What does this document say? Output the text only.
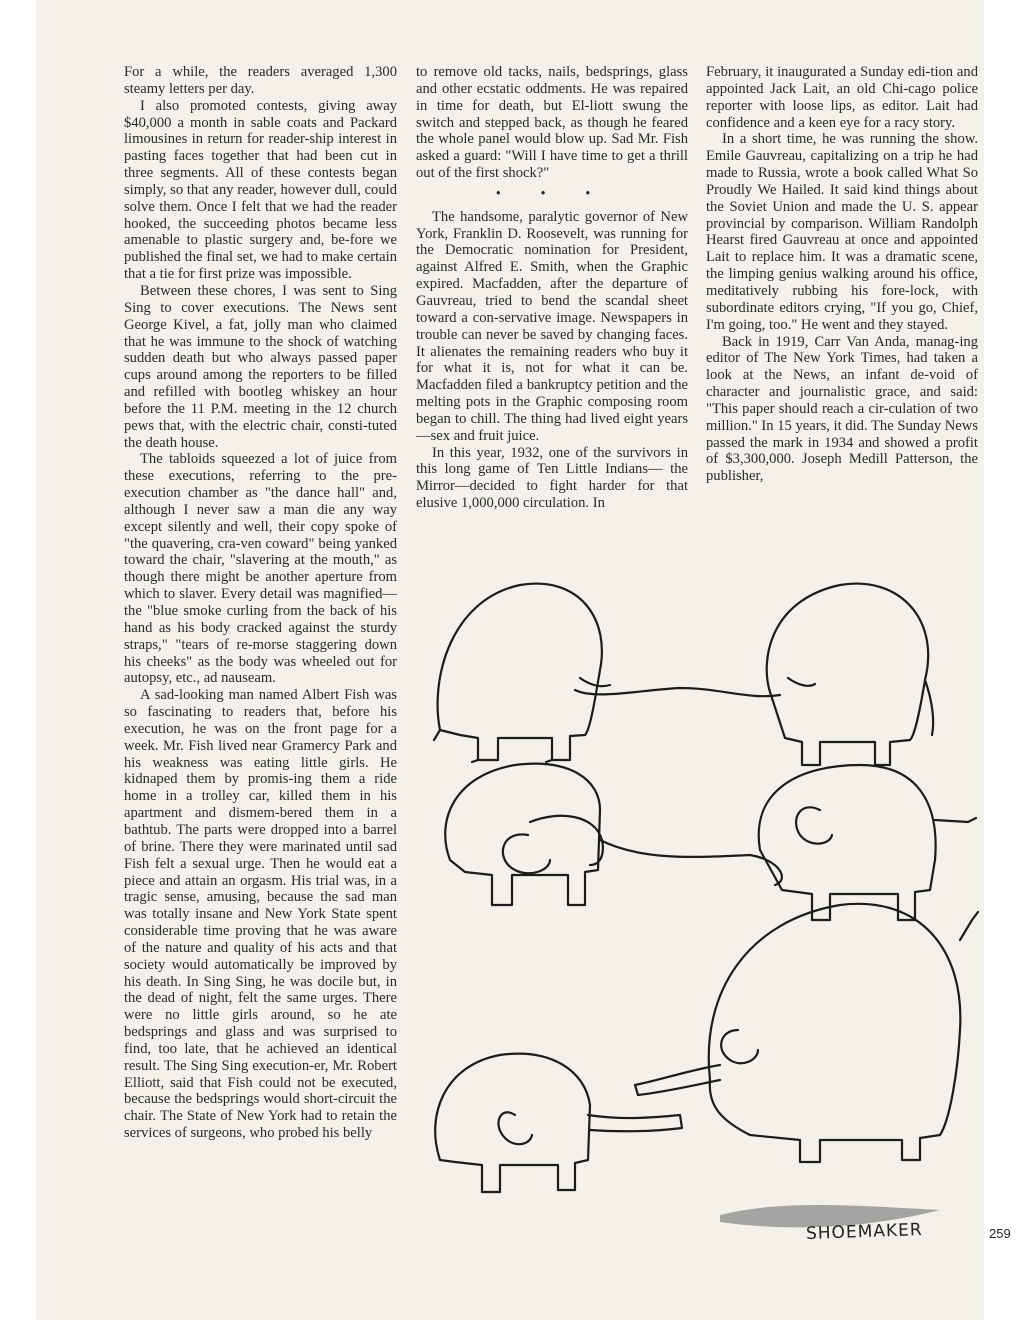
For a while, the readers averaged 1,300 steamy letters per day.

I also promoted contests, giving away $40,000 a month in sable coats and Packard limousines in return for reader-ship interest in pasting faces together that had been cut in three segments. All of these contests began simply, so that any reader, however dull, could solve them. Once I felt that we had the reader hooked, the succeeding photos became less amenable to plastic surgery and, be-fore we published the final set, we had to make certain that a tie for first prize was impossible.

Between these chores, I was sent to Sing Sing to cover executions. The News sent George Kivel, a fat, jolly man who claimed that he was immune to the shock of watching sudden death but who always passed paper cups around among the reporters to be filled and refilled with bootleg whiskey an hour before the 11 P.M. meeting in the 12 church pews that, with the electric chair, consti-tuted the death house.

The tabloids squeezed a lot of juice from these executions, referring to the pre-execution chamber as "the dance hall" and, although I never saw a man die any way except silently and well, their copy spoke of "the quavering, cra-ven coward" being yanked toward the chair, "slavering at the mouth," as though there might be another aperture from which to slaver. Every detail was magnified—the "blue smoke curling from the back of his hand as his body cracked against the sturdy straps," "tears of re-morse staggering down his cheeks" as the body was wheeled out for autopsy, etc., ad nauseam.

A sad-looking man named Albert Fish was so fascinating to readers that, before his execution, he was on the front page for a week. Mr. Fish lived near Gramercy Park and his weakness was eating little girls. He kidnaped them by promis-ing them a ride home in a trolley car, killed them in his apartment and dismem-bered them in a bathtub. The parts were dropped into a barrel of brine. There they were marinated until sad Fish felt a sexual urge. Then he would eat a piece and attain an orgasm. His trial was, in a tragic sense, amusing, because the sad man was totally insane and New York State spent considerable time proving that he was aware of the nature and quality of his acts and that society would automatically be improved by his death. In Sing Sing, he was docile but, in the dead of night, felt the same urges. There were no little girls around, so he ate bedsprings and glass and was surprised to find, too late, that he achieved an identical result. The Sing Sing execution-er, Mr. Robert Elliott, said that Fish could not be executed, because the bedsprings would short-circuit the chair. The State of New York had to retain the services of surgeons, who probed his belly

to remove old tacks, nails, bedsprings, glass and other ecstatic oddments. He was repaired in time for death, but El-liott swung the switch and stepped back, as though he feared the whole panel would blow up. Sad Mr. Fish asked a guard: "Will I have time to get a thrill out of the first shock?"

• • •

The handsome, paralytic governor of New York, Franklin D. Roosevelt, was running for the Democratic nomination for President, against Alfred E. Smith, when the Graphic expired. Macfadden, after the departure of Gauvreau, tried to bend the scandal sheet toward a con-servative image. Newspapers in trouble can never be saved by changing faces. It alienates the remaining readers who buy it for what it is, not for what it can be. Macfadden filed a bankruptcy petition and the melting pots in the Graphic composing room began to chill. The thing had lived eight years—sex and fruit juice.

In this year, 1932, one of the survivors in this long game of Ten Little Indians— the Mirror—decided to fight harder for that elusive 1,000,000 circulation. In

February, it inaugurated a Sunday edi-tion and appointed Jack Lait, an old Chi-cago police reporter with loose lips, as editor. Lait had confidence and a keen eye for a racy story.

In a short time, he was running the show. Emile Gauvreau, capitalizing on a trip he had made to Russia, wrote a book called What So Proudly We Hailed. It said kind things about the Soviet Union and made the U. S. appear provincial by comparison. William Randolph Hearst fired Gauvreau at once and appointed Lait to replace him. It was a dramatic scene, the limping genius walking around his office, meditatively rubbing his fore-lock, with subordinate editors crying, "If you go, Chief, I'm going, too." He went and they stayed.

Back in 1919, Carr Van Anda, manag-ing editor of The New York Times, had taken a look at the News, an infant de-void of character and journalistic grace, and said: "This paper should reach a cir-culation of two million." In 15 years, it did. The Sunday News passed the mark in 1934 and showed a profit of $3,300,000. Joseph Medill Patterson, the publisher,

SHOEMAKER	259
